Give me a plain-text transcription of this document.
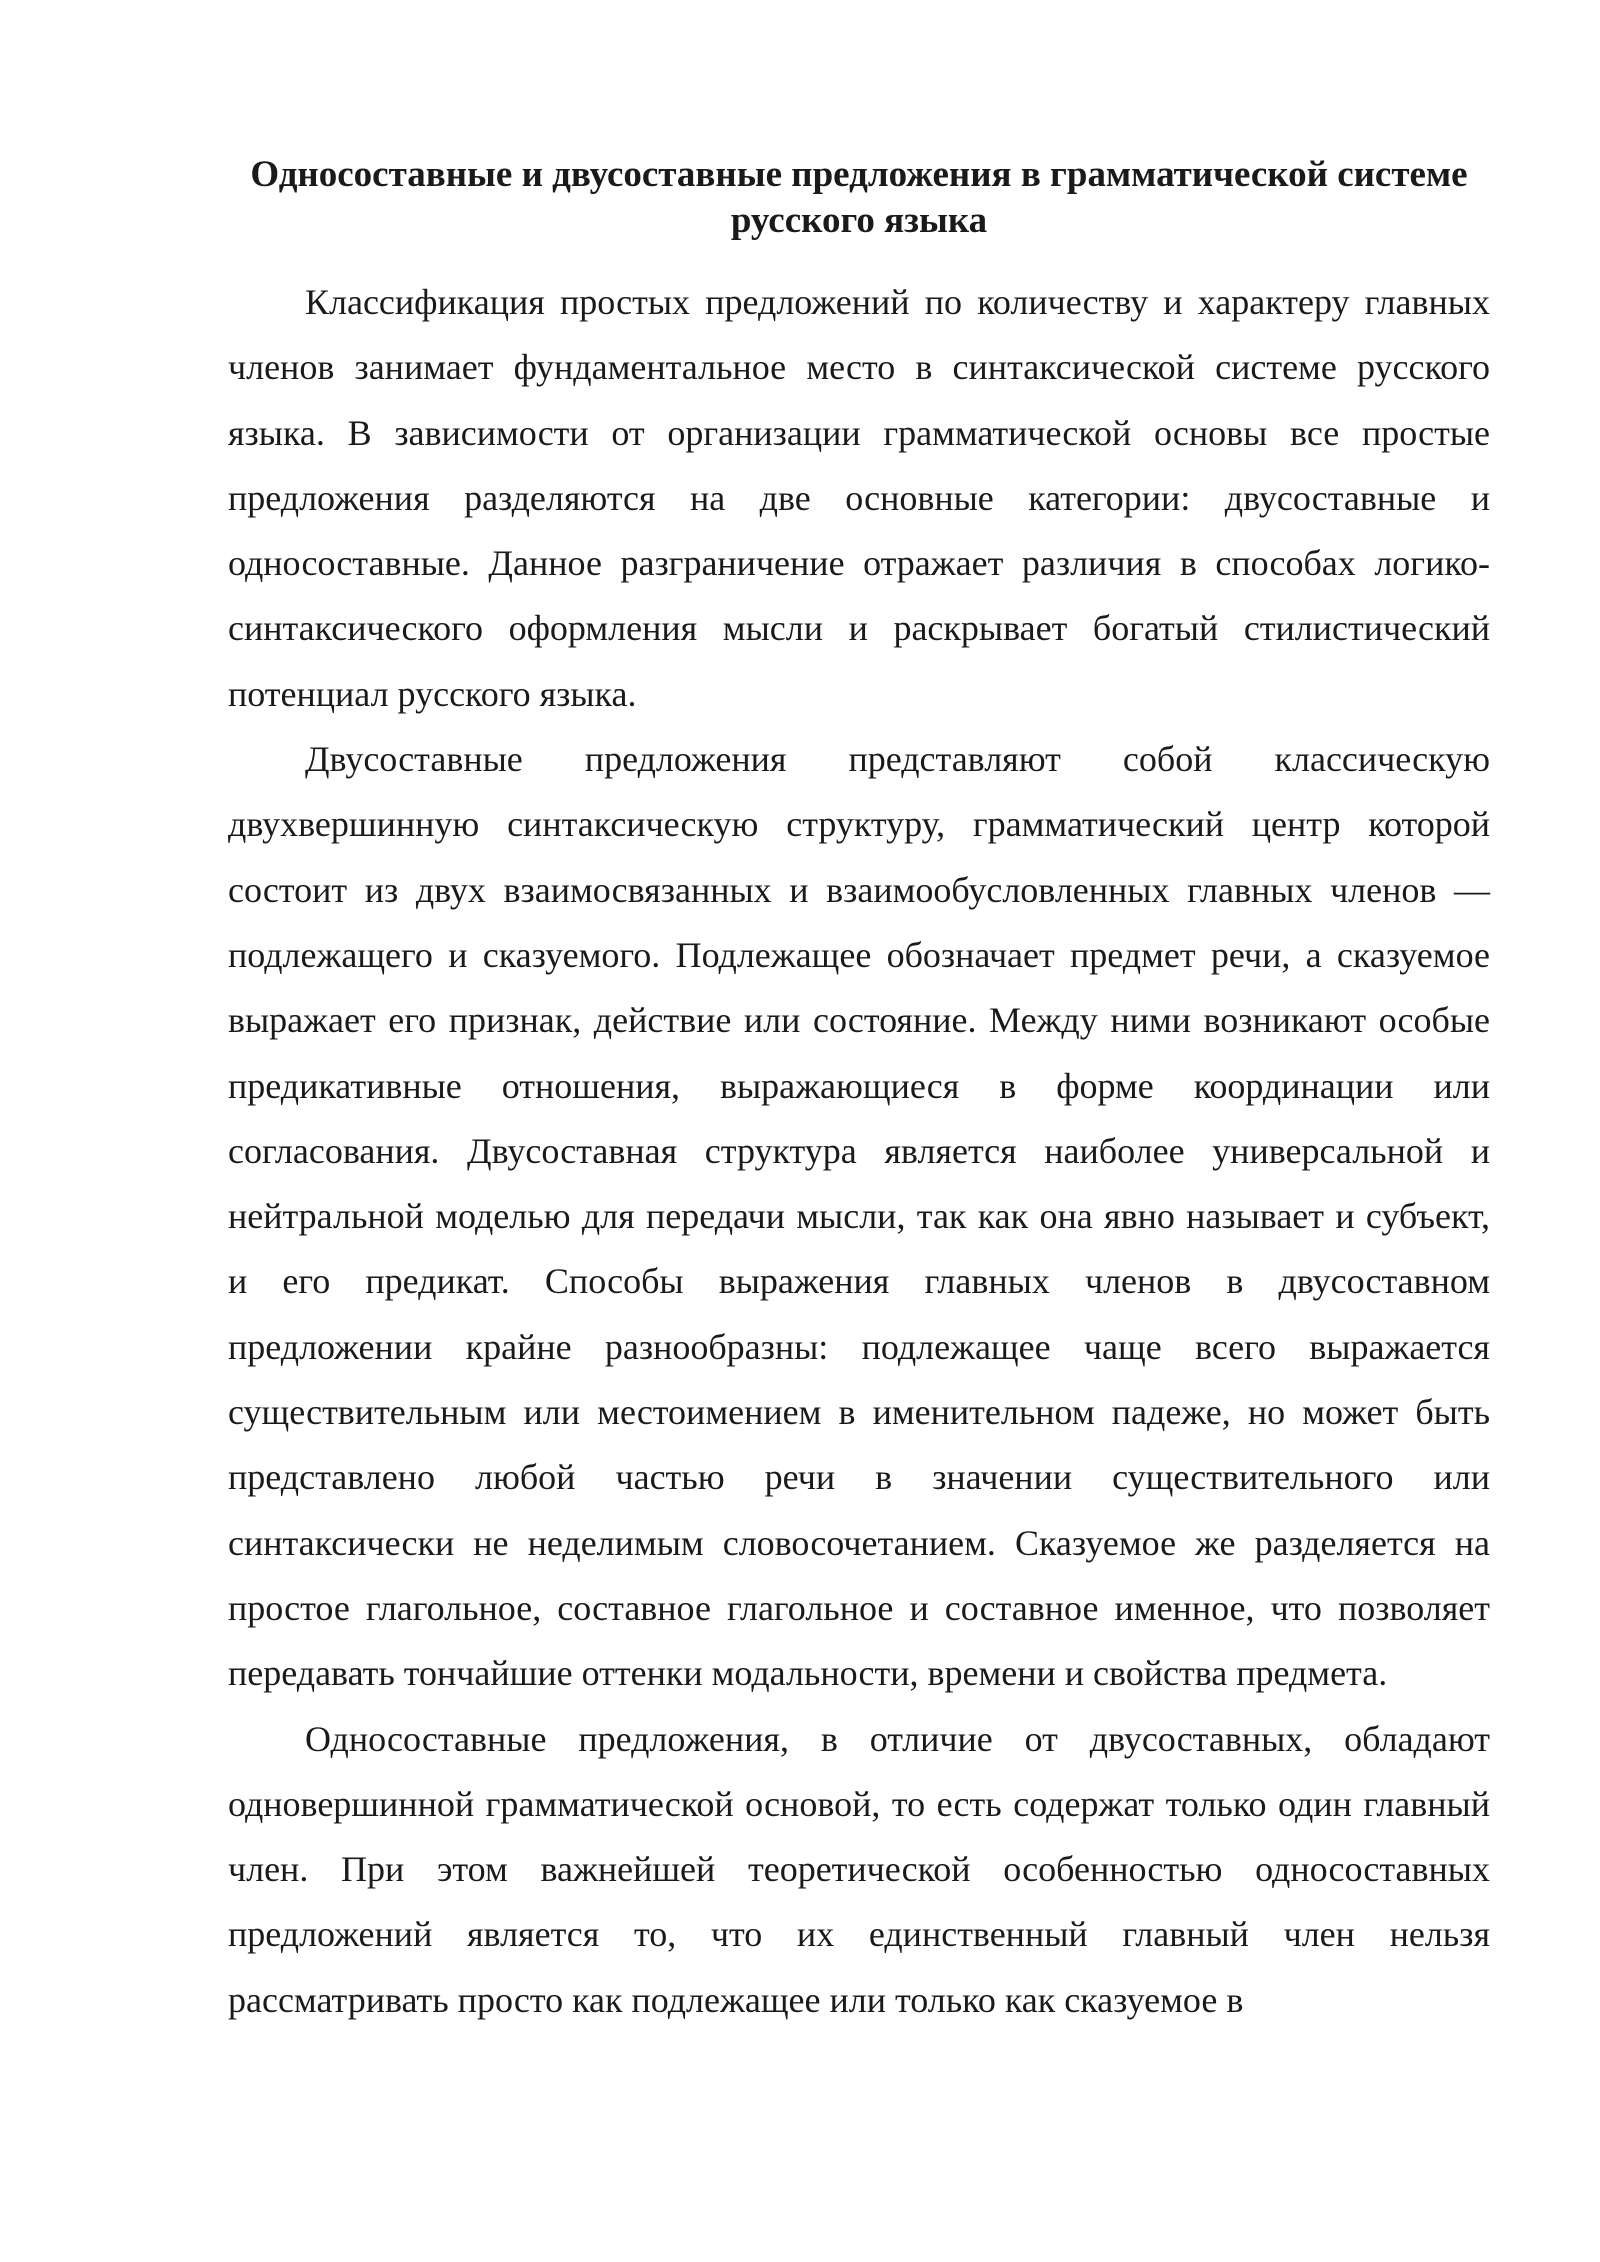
Односоставные и двусоставные предложения в грамматической системе русского языка

Классификация простых предложений по количеству и характеру главных членов занимает фундаментальное место в синтаксической системе русского языка. В зависимости от организации грамматической основы все простые предложения разделяются на две основные категории: двусоставные и односоставные. Данное разграничение отражает различия в способах логико-синтаксического оформления мысли и раскрывает богатый стилистический потенциал русского языка.

Двусоставные предложения представляют собой классическую двухвершинную синтаксическую структуру, грамматический центр которой состоит из двух взаимосвязанных и взаимообусловленных главных членов — подлежащего и сказуемого. Подлежащее обозначает предмет речи, а сказуемое выражает его признак, действие или состояние. Между ними возникают особые предикативные отношения, выражающиеся в форме координации или согласования. Двусоставная структура является наиболее универсальной и нейтральной моделью для передачи мысли, так как она явно называет и субъект, и его предикат. Способы выражения главных членов в двусоставном предложении крайне разнообразны: подлежащее чаще всего выражается существительным или местоимением в именительном падеже, но может быть представлено любой частью речи в значении существительного или синтаксически не неделимым словосочетанием. Сказуемое же разделяется на простое глагольное, составное глагольное и составное именное, что позволяет передавать тончайшие оттенки модальности, времени и свойства предмета.

Односоставные предложения, в отличие от двусоставных, обладают одновершинной грамматической основой, то есть содержат только один главный член. При этом важнейшей теоретической особенностью односоставных предложений является то, что их единственный главный член нельзя рассматривать просто как подлежащее или только как сказуемое в
